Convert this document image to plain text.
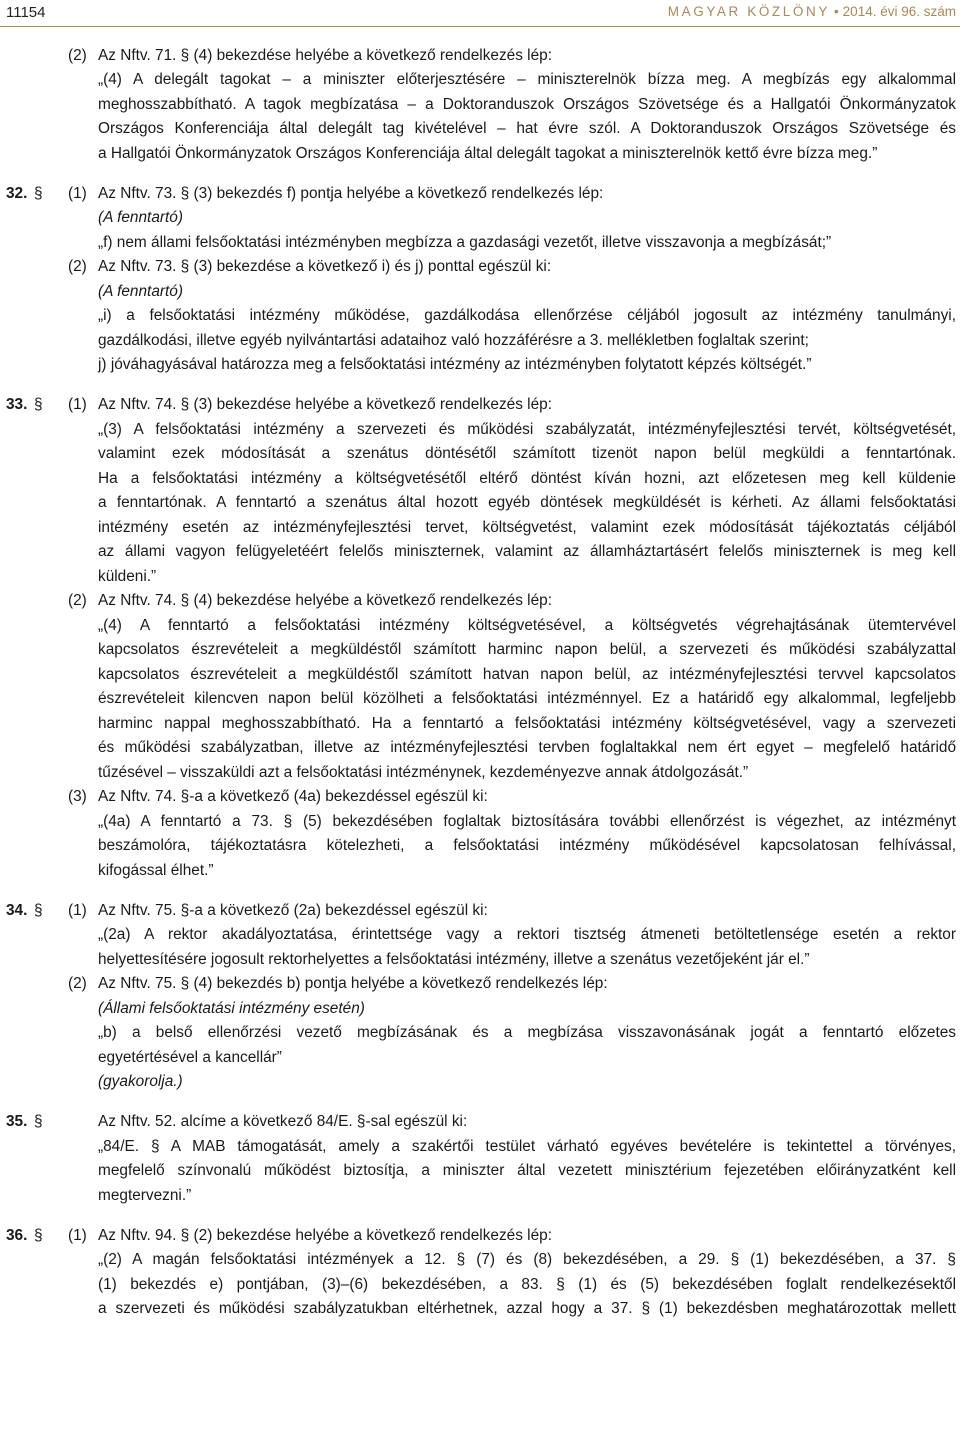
11154	MAGYAR KÖZLÖNY • 2014. évi 96. szám
(2) Az Nftv. 71. § (4) bekezdése helyébe a következő rendelkezés lép:
„(4) A delegált tagokat – a miniszter előterjesztésére – miniszterelnök bízza meg. A megbízás egy alkalommal
meghosszabbítható. A tagok megbízatása – a Doktoranduszok Országos Szövetsége és a Hallgatói Önkormányzatok
Országos Konferenciája által delegált tag kivételével – hat évre szól. A Doktoranduszok Országos Szövetsége és
a Hallgatói Önkormányzatok Országos Konferenciája által delegált tagokat a miniszterelnök kettő évre bízza meg.”
32. § (1) Az Nftv. 73. § (3) bekezdés f) pontja helyébe a következő rendelkezés lép:
(A fenntartó)
„f) nem állami felsőoktatási intézményben megbízza a gazdasági vezetőt, illetve visszavonja a megbízását;”
(2) Az Nftv. 73. § (3) bekezdése a következő i) és j) ponttal egészül ki:
(A fenntartó)
„i) a felsőoktatási intézmény működése, gazdálkodása ellenőrzése céljából jogosult az intézmény tanulmányi,
gazdálkodási, illetve egyéb nyilvántartási adataihoz való hozzáférésre a 3. mellékletben foglaltak szerint;
j) jóváhagyásával határozza meg a felsőoktatási intézmény az intézményben folytatott képzés költségét.”
33. § (1) Az Nftv. 74. § (3) bekezdése helyébe a következő rendelkezés lép:
„(3) A felsőoktatási intézmény a szervezeti és működési szabályzatát, intézményfejlesztési tervét, költségvetését,
valamint ezek módosítását a szenátus döntésétől számított tizenöt napon belül megküldi a fenntartónak.
Ha a felsőoktatási intézmény a költségvetésétől eltérő döntést kíván hozni, azt előzetesen meg kell küldenie
a fenntartónak. A fenntartó a szenátus által hozott egyéb döntések megküldését is kérheti. Az állami felsőoktatási
intézmény esetén az intézményfejlesztési tervet, költségvetést, valamint ezek módosítását tájékoztatás céljából
az állami vagyon felügyeletéért felelős miniszternek, valamint az államháztartásért felelős miniszternek is meg kell
küldeni.”
(2) Az Nftv. 74. § (4) bekezdése helyébe a következő rendelkezés lép:
„(4) A fenntartó a felsőoktatási intézmény költségvetésével, a költségvetés végrehajtásának ütemtervével
kapcsolatos észrevételeit a megküldéstől számított harminc napon belül, a szervezeti és működési szabályzattal
kapcsolatos észrevételeit a megküldéstől számított hatvan napon belül, az intézményfejlesztési tervvel kapcsolatos
észrevételeit kilencven napon belül közölheti a felsőoktatási intézménnyel. Ez a határidő egy alkalommal, legfeljebb
harminc nappal meghosszabbítható. Ha a fenntartó a felsőoktatási intézmény költségvetésével, vagy a szervezeti
és működési szabályzatban, illetve az intézményfejlesztési tervben foglaltakkal nem ért egyet – megfelelő határidő
tűzésével – visszaküldi azt a felsőoktatási intézménynek, kezdeményezve annak átdolgozását.”
(3) Az Nftv. 74. §-a a következő (4a) bekezdéssel egészül ki:
„(4a) A fenntartó a 73. § (5) bekezdésében foglaltak biztosítására további ellenőrzést is végezhet, az intézményt
beszámolóra, tájékoztatásra kötelezheti, a felsőoktatási intézmény működésével kapcsolatosan felhívással,
kifogással élhet.”
34. § (1) Az Nftv. 75. §-a a következő (2a) bekezdéssel egészül ki:
„(2a) A rektor akadályoztatása, érintettsége vagy a rektori tisztség átmeneti betöltetlensége esetén a rektor
helyettesítésére jogosult rektorhelyettes a felsőoktatási intézmény, illetve a szenátus vezetőjeként jár el.”
(2) Az Nftv. 75. § (4) bekezdés b) pontja helyébe a következő rendelkezés lép:
(Állami felsőoktatási intézmény esetén)
„b) a belső ellenőrzési vezető megbízásának és a megbízása visszavonásának jogát a fenntartó előzetes
egyetértésével a kancellár”
(gyakorolja.)
35. §	Az Nftv. 52. alcíme a következő 84/E. §-sal egészül ki:
„84/E. § A MAB támogatását, amely a szakértői testület várható egyéves bevételére is tekintettel a törvényes,
megfelelő színvonalú működést biztosítja, a miniszter által vezetett minisztérium fejezetében előirányzatként kell
megtervezni.”
36. § (1) Az Nftv. 94. § (2) bekezdése helyébe a következő rendelkezés lép:
„(2) A magán felsőoktatási intézmények a 12. § (7) és (8) bekezdésében, a 29. § (1) bekezdésében, a 37. §
(1) bekezdés e) pontjában, (3)–(6) bekezdésében, a 83. § (1) és (5) bekezdésében foglalt rendelkezésektől
a szervezeti és működési szabályzatukban eltérhetnek, azzal hogy a 37. § (1) bekezdésben meghatározottak mellett
